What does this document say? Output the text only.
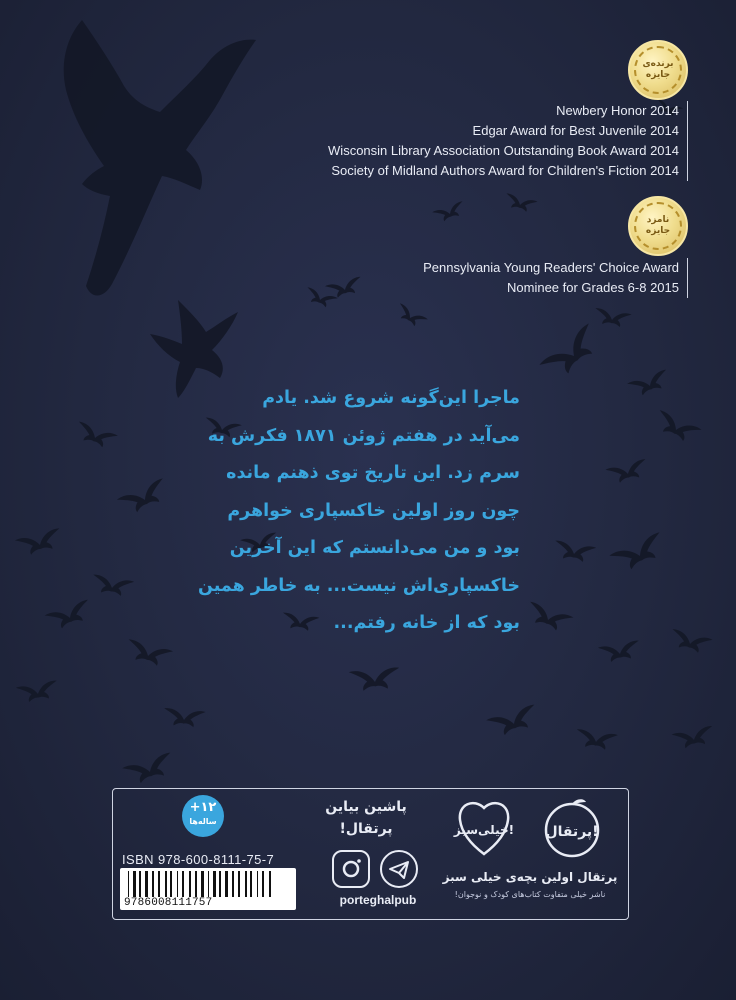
برنده‌ی جایزه
Newbery Honor 2014
Edgar Award for Best Juvenile 2014
Wisconsin Library Association Outstanding Book Award 2014
Society of Midland Authors Award for Children's Fiction 2014
نامزد جایزه
Pennsylvania Young Readers' Choice Award
Nominee for Grades 6-8 2015
ماجرا این‌گونه شروع شد. یادم
می‌آید در هفتم ژوئن ۱۸۷۱ فکرش به
سرم زد. این تاریخ توی ذهنم مانده
چون روز اولین خاکسپاری خواهرم
بود و من می‌دانستم که این آخرین
خاکسپاری‌اش نیست... به خاطر همین
بود که از خانه رفتم...
+۱۲
ساله‌ها
ISBN 978-600-8111-75-7
9786008111757
پاشین بیاین
پرتقال!
porteghalpub
خیلی‌سبز! پرتقال!
پرتقال اولین بچه‌ی خیلی سبز
ناشر خیلی متفاوت کتاب‌های کودک و نوجوان!
